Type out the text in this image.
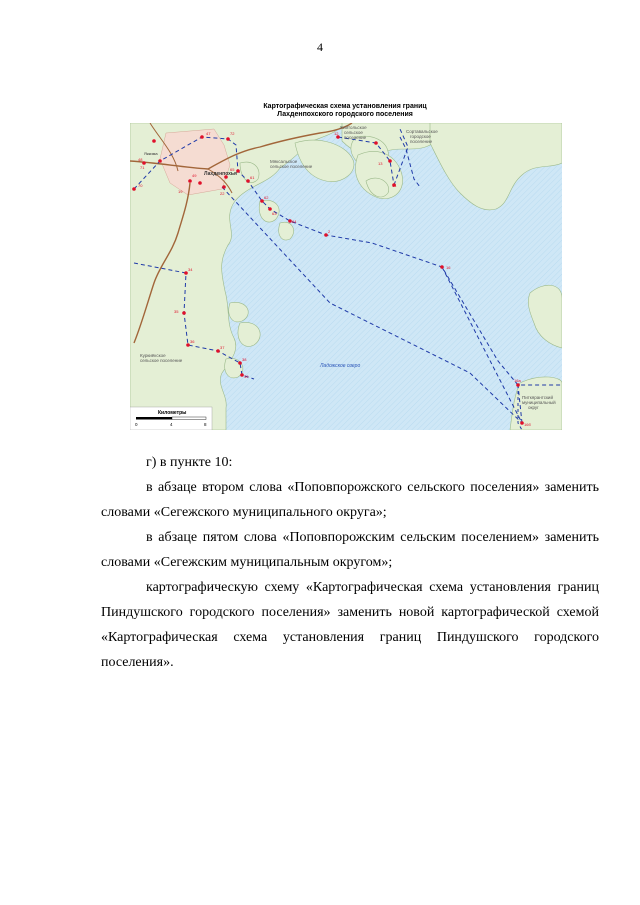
4
Картографическая схема установления границ
Лахденпохского городского поселения
70
71
48
47	72
65
61
62
63
64
2
16
16а
16б
12
13
14
34
35
36
37
38
39
19	22
49
Мяксальское
сельское поселение
Хийтольское
сельское
поселение
Сортавальское
городское
поселение
Куркиёкское
сельское поселение
Питкярантский
муниципальный
округ
Лахденпохья
Яккима
Ладожское озеро
Километры
0	4	8

г) в пункте 10:

в абзаце втором слова «Поповпорожского сельского поселения» заменить словами «Сегежского муниципального округа»;

в абзаце пятом слова «Поповпорожским сельским поселением» заменить словами «Сегежским муниципальным округом»;

картографическую схему «Картографическая схема установления границ Пиндушского городского поселения» заменить новой картографической схемой «Картографическая схема установления границ Пиндушского городского поселения».
